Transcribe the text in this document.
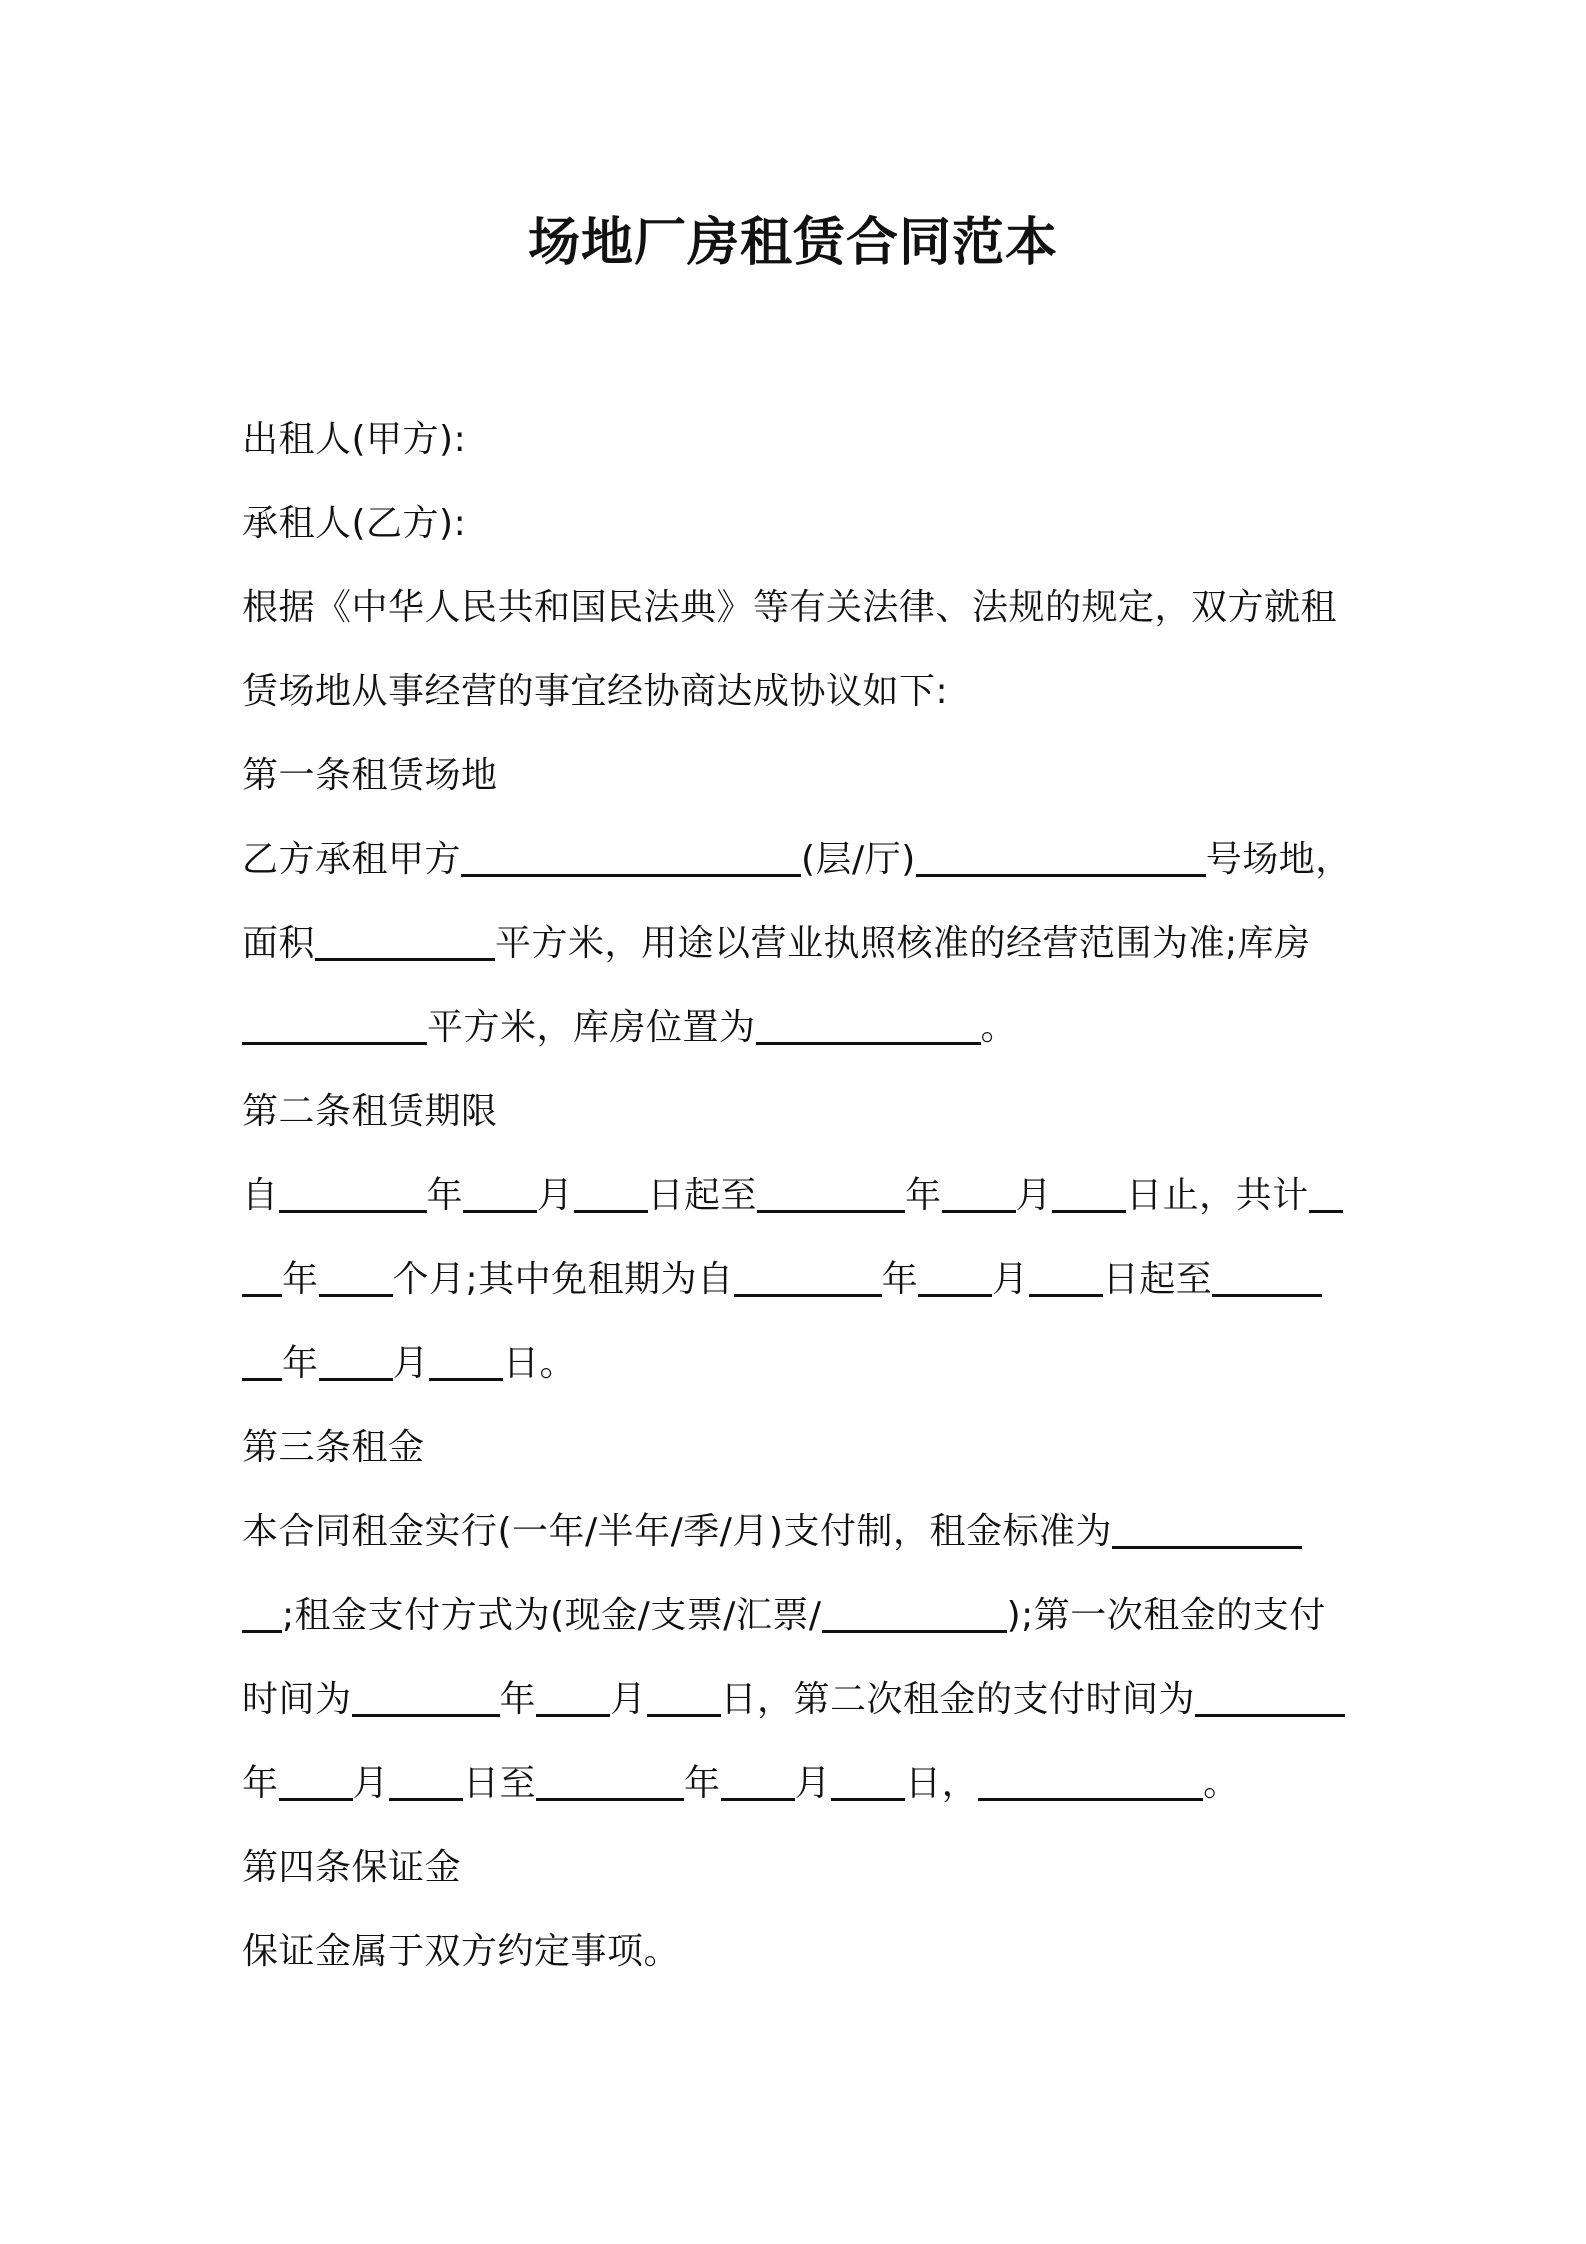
场地厂房租赁合同范本
出租人(甲方):
承租人(乙方):
根据《中华人民共和国民法典》等有关法律、法规的规定，双方就租
赁场地从事经营的事宜经协商达成协议如下:
第一条租赁场地
乙方承租甲方	(层/厅)	号场地，
面积	平方米，用途以营业执照核准的经营范围为准;库房
平方米，库房位置为	。
第二条租赁期限
自	年 月 日起至	年 月 日止，共计
年 个月;其中免租期为自	年 月 日起至
年 月 日。
第三条租金
本合同租金实行(一年/半年/季/月)支付制，租金标准为
;租金支付方式为(现金/支票/汇票/	);第一次租金的支付
时间为	年 月 日，第二次租金的支付时间为
年 月 日至	年 月 日，	。
第四条保证金
保证金属于双方约定事项。
